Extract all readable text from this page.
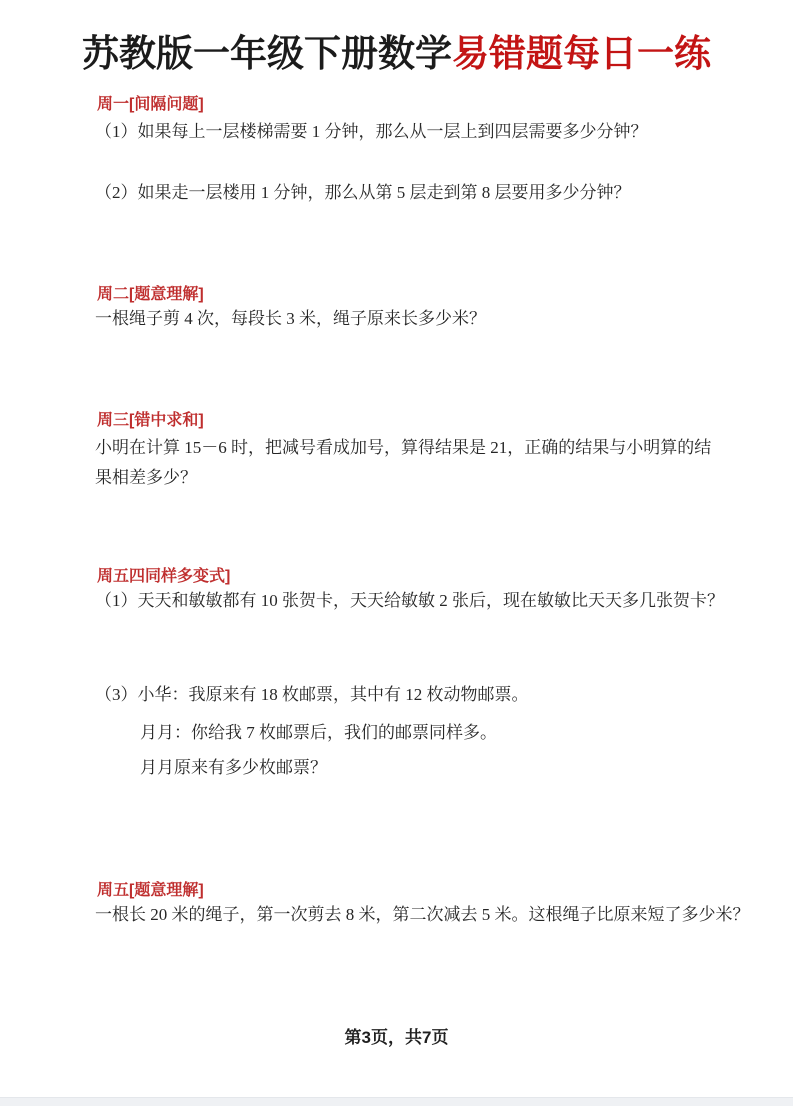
苏教版一年级下册数学易错题每日一练
周一[间隔问题]
（1）如果每上一层楼梯需要 1 分钟，那么从一层上到四层需要多少分钟？
（2）如果走一层楼用 1 分钟，那么从第 5 层走到第 8 层要用多少分钟？
周二[题意理解]
一根绳子剪 4 次，每段长 3 米，绳子原来长多少米？
周三[错中求和]
小明在计算 15－6 时，把减号看成加号，算得结果是 21，正确的结果与小明算的结果相差多少？
周五四同样多变式]
（1）天天和敏敏都有 10 张贺卡，天天给敏敏 2 张后，现在敏敏比天天多几张贺卡？
（3）小华：我原来有 18 枚邮票，其中有 12 枚动物邮票。
月月：你给我 7 枚邮票后，我们的邮票同样多。
月月原来有多少枚邮票？
周五[题意理解]
一根长 20 米的绳子，第一次剪去 8 米，第二次减去 5 米。这根绳子比原来短了多少米？
第3页，共7页
